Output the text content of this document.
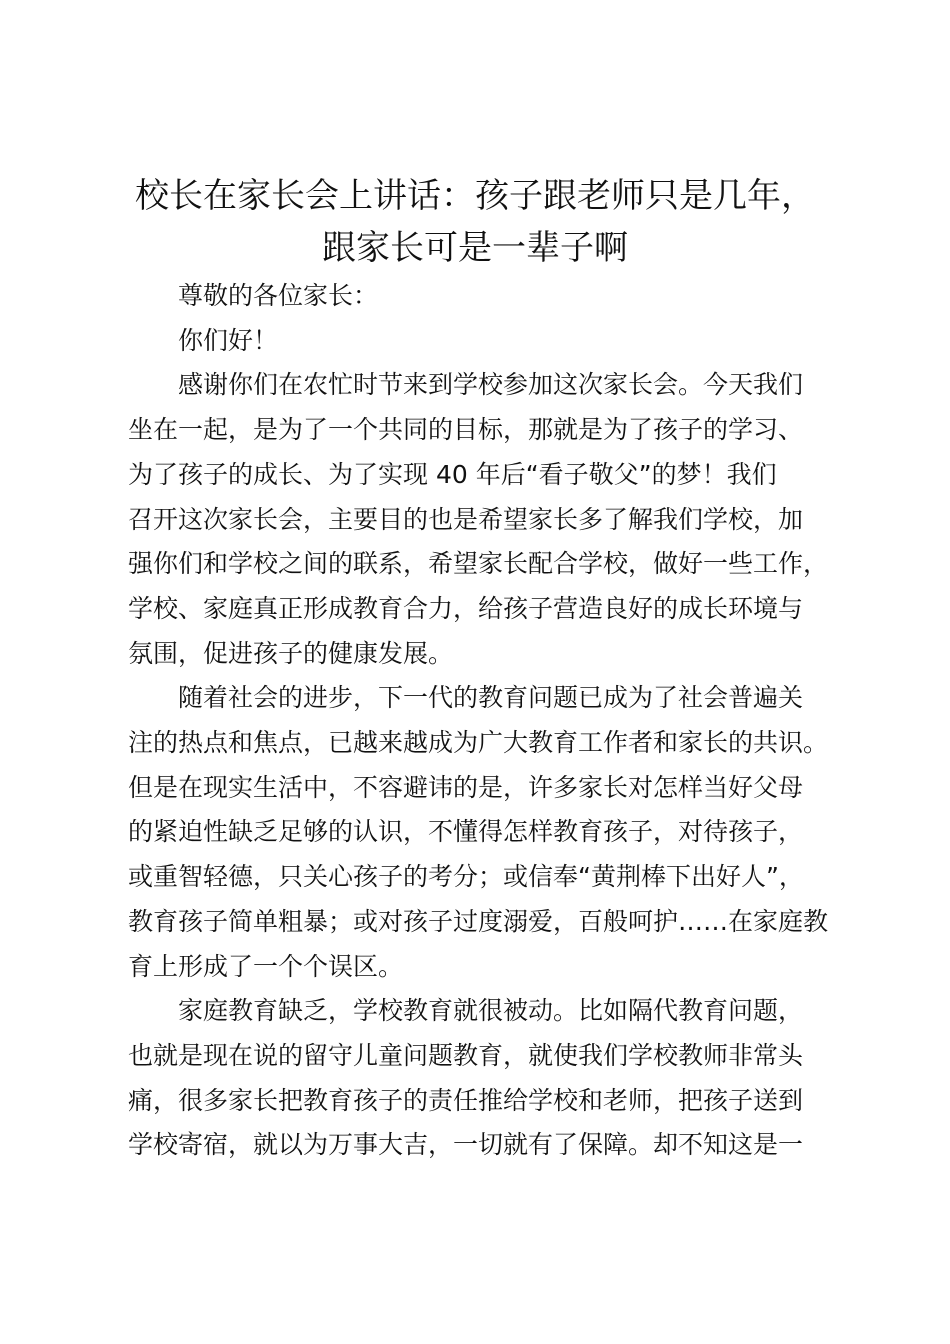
校长在家长会上讲话：孩子跟老师只是几年，
跟家长可是一辈子啊

尊敬的各位家长：

你们好！

感谢你们在农忙时节来到学校参加这次家长会。今天我们
坐在一起，是为了一个共同的目标，那就是为了孩子的学习、
为了孩子的成长、为了实现 40 年后“看子敬父”的梦！我们
召开这次家长会，主要目的也是希望家长多了解我们学校，加
强你们和学校之间的联系，希望家长配合学校，做好一些工作，
学校、家庭真正形成教育合力，给孩子营造良好的成长环境与
氛围，促进孩子的健康发展。

随着社会的进步，下一代的教育问题已成为了社会普遍关
注的热点和焦点，已越来越成为广大教育工作者和家长的共识。
但是在现实生活中，不容避讳的是，许多家长对怎样当好父母
的紧迫性缺乏足够的认识，不懂得怎样教育孩子，对待孩子，
或重智轻德，只关心孩子的考分；或信奉“黄荆棒下出好人”，
教育孩子简单粗暴；或对孩子过度溺爱，百般呵护……在家庭教
育上形成了一个个误区。

家庭教育缺乏，学校教育就很被动。比如隔代教育问题，
也就是现在说的留守儿童问题教育，就使我们学校教师非常头
痛，很多家长把教育孩子的责任推给学校和老师，把孩子送到
学校寄宿，就以为万事大吉，一切就有了保障。却不知这是一
